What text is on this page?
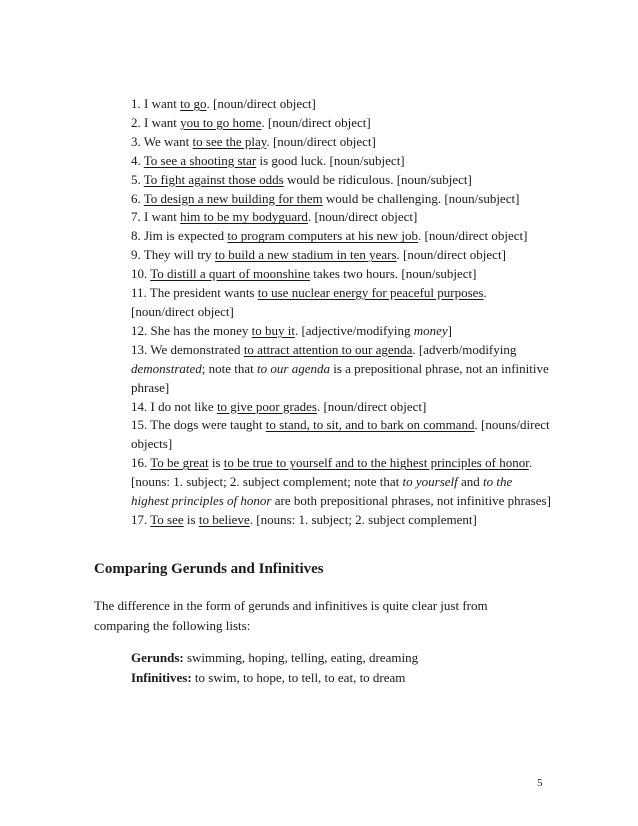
1. I want to go. [noun/direct object]

2. I want you to go home. [noun/direct object]

3. We want to see the play. [noun/direct object]

4. To see a shooting star is good luck. [noun/subject]

5. To fight against those odds would be ridiculous. [noun/subject]

6. To design a new building for them would be challenging. [noun/subject]

7. I want him to be my bodyguard. [noun/direct object]

8. Jim is expected to program computers at his new job. [noun/direct object]

9. They will try to build a new stadium in ten years. [noun/direct object]

10. To distill a quart of moonshine takes two hours. [noun/subject]

11. The president wants to use nuclear energy for peaceful purposes. [noun/direct object]

12. She has the money to buy it. [adjective/modifying money]

13. We demonstrated to attract attention to our agenda. [adverb/modifying demonstrated; note that to our agenda is a prepositional phrase, not an infinitive phrase]

14. I do not like to give poor grades. [noun/direct object]

15. The dogs were taught to stand, to sit, and to bark on command. [nouns/direct objects]

16. To be great is to be true to yourself and to the highest principles of honor. [nouns: 1. subject; 2. subject complement; note that to yourself and to the highest principles of honor are both prepositional phrases, not infinitive phrases]

17. To see is to believe. [nouns: 1. subject; 2. subject complement]

Comparing Gerunds and Infinitives

The difference in the form of gerunds and infinitives is quite clear just from comparing the following lists:

Gerunds: swimming, hoping, telling, eating, dreaming

Infinitives: to swim, to hope, to tell, to eat, to dream

5
